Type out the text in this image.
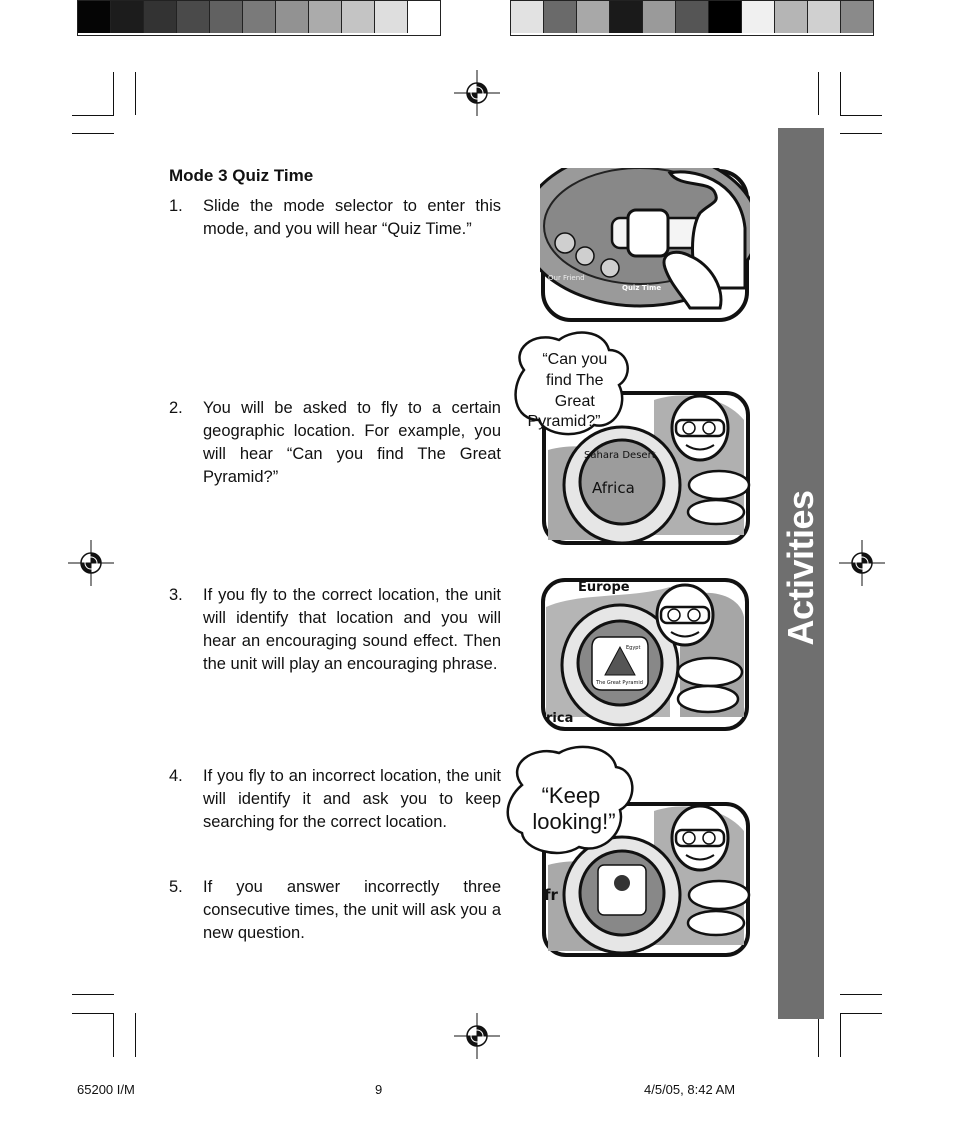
Mode 3 Quiz Time
1. Slide the mode selector to enter this mode, and you will hear “Quiz Time.”
2. You will be asked to fly to a certain geographic location. For example, you will hear “Can you find The Great Pyramid?”
3. If you fly to the correct location, the unit will identify that location and you will hear an encouraging sound effect. Then the unit will play an encouraging phrase.
4. If you fly to an incorrect location, the unit will identify it and ask you to keep searching for the correct location.
5. If you answer incorrectly three consecutive times, the unit will ask you a new question.
Our Friend
Quiz Time
Sahara Desert
Africa
“Can you find The Great Pyramid?”
Europe
rica
Egypt
The Great Pyramid
fr
“Keep looking!”
Activities
9
65200 I/M	9	4/5/05, 8:42 AM
